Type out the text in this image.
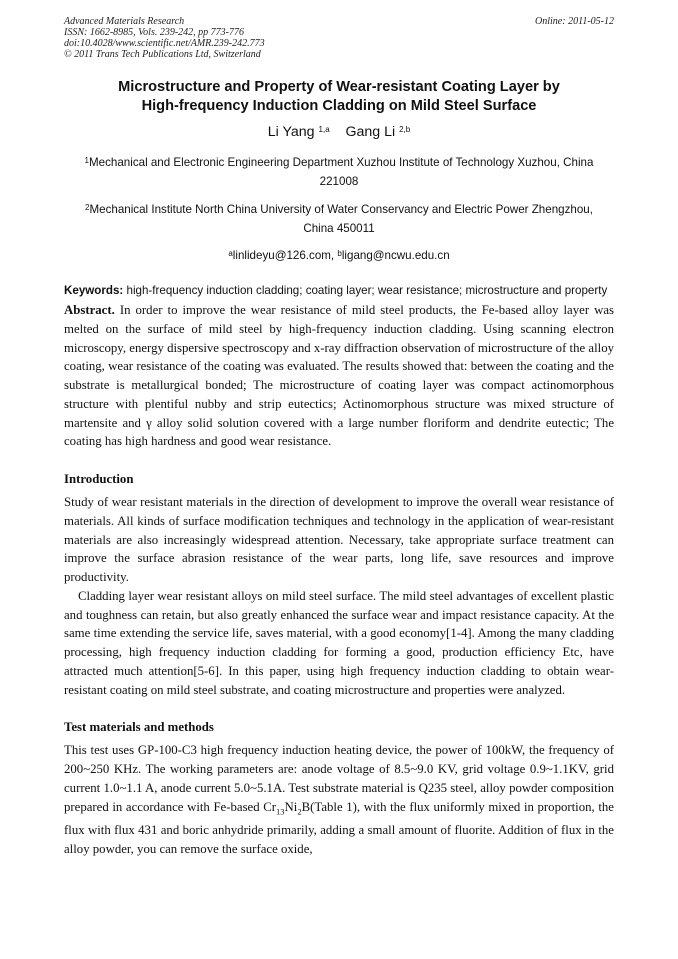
Advanced Materials Research
ISSN: 1662-8985, Vols. 239-242, pp 773-776
doi:10.4028/www.scientific.net/AMR.239-242.773
© 2011 Trans Tech Publications Ltd, Switzerland
Online: 2011-05-12
Microstructure and Property of Wear-resistant Coating Layer by
High-frequency Induction Cladding on Mild Steel Surface
Li Yang $^{1,a}$ Gang Li $^{2,b}$
$^1$Mechanical and Electronic Engineering Department Xuzhou Institute of Technology Xuzhou, China
221008
$^2$Mechanical Institute North China University of Water Conservancy and Electric Power Zhengzhou,
China 450011
$^a$linlideyu@126.com, $^b$ligang@ncwu.edu.cn
Keywords: high-frequency induction cladding; coating layer; wear resistance; microstructure and property

Abstract. In order to improve the wear resistance of mild steel products, the Fe-based alloy layer was melted on the surface of mild steel by high-frequency induction cladding. Using scanning electron microscopy, energy dispersive spectroscopy and x-ray diffraction observation of microstructure of the alloy coating, wear resistance of the coating was evaluated. The results showed that: between the coating and the substrate is metallurgical bonded; The microstructure of coating layer was compact actinomorphous structure with plentiful nubby and strip eutectics; Actinomorphous structure was mixed structure of martensite and γ alloy solid solution covered with a large number floriform and dendrite eutectic; The coating has high hardness and good wear resistance.

Introduction

Study of wear resistant materials in the direction of development to improve the overall wear resistance of materials. All kinds of surface modification techniques and technology in the application of wear-resistant materials are also increasingly widespread attention. Necessary, take appropriate surface treatment can improve the surface abrasion resistance of the wear parts, long life, save resources and improve productivity.

Cladding layer wear resistant alloys on mild steel surface. The mild steel advantages of excellent plastic and toughness can retain, but also greatly enhanced the surface wear and impact resistance capacity. At the same time extending the service life, saves material, with a good economy[1-4]. Among the many cladding processing, high frequency induction cladding for forming a good, production efficiency Etc, have attracted much attention[5-6]. In this paper, using high frequency induction cladding to obtain wear-resistant coating on mild steel substrate, and coating microstructure and properties were analyzed.

Test materials and methods

This test uses GP-100-C3 high frequency induction heating device, the power of 100kW, the frequency of 200~250 KHz. The working parameters are: anode voltage of 8.5~9.0 KV, grid voltage 0.9~1.1KV, grid current 1.0~1.1 A, anode current 5.0~5.1A. Test substrate material is Q235 steel, alloy powder composition prepared in accordance with Fe-based $Cr_{13}Ni_2B(Table$ 1), with the flux uniformly mixed in proportion, the flux with flux 431 and boric anhydride primarily, adding a small amount of fluorite. Addition of flux in the alloy powder, you can remove the surface oxide,
